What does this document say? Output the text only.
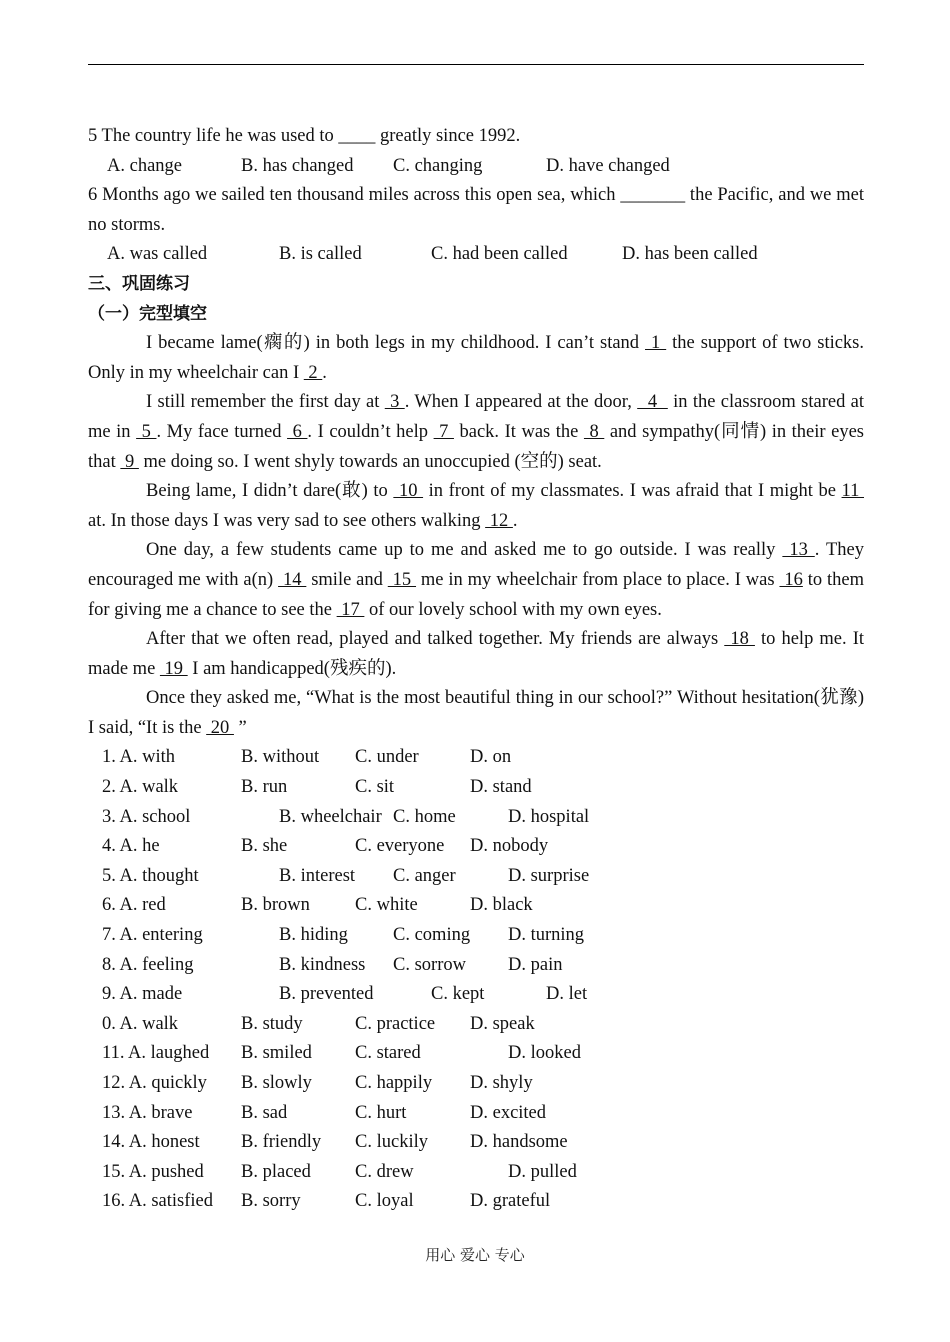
5 The country life he was used to ____ greatly since 1992.
A. change	B. has changed C. changing	D. have changed
6 Months ago we sailed ten thousand miles across this open sea, which _______ the Pacific, and we met no storms.
A. was called	B. is called	C. had been called	D. has been called
三、巩固练习
（一）完型填空
I became lame(瘸的) in both legs in my childhood. I can’t stand  1  the support of two sticks. Only in my wheelchair can I  2 .
I still remember the first day at  3 . When I appeared at the door,   4   in the classroom stared at me in  5 . My face turned  6 . I couldn’t help  7  back. It was the  8  and sympathy(同情) in their eyes that  9  me doing so. I went shyly towards an unoccupied (空的) seat.
Being lame, I didn’t dare(敢) to  10  in front of my classmates. I was afraid that I might be 11  at. In those days I was very sad to see others walking  12 .
One day, a few students came up to me and asked me to go outside. I was really  13 . They encouraged me with a(n)  14  smile and  15  me in my wheelchair from place to place. I was  16 to them for giving me a chance to see the  17  of our lovely school with my own eyes.
After that we often read, played and talked together. My friends are always  18  to help me. It made me  19  I am handicapped(残疾的).
Once they asked me, “What is the most beautiful thing in our school?” Without hesitation(犹豫) I said, “It is the  20  ”
1. A. with	B. without C. under	D. on
2. A. walk	B. run	C. sit	D. stand
3. A. school	B. wheelchair C. home	D. hospital
4. A. he	B. she	C. everyone D. nobody
5. A. thought	B. interest C. anger	D. surprise
6. A. red	B. brown C. white	D. black
7. A. entering	B. hiding C. coming D. turning
8. A. feeling	B. kindness C. sorrow D. pain
9. A. made	B. prevented	C. kept	D. let
0. A. walk	B. study	C. practice D. speak
11. A. laughed B. smiled C. stared	D. looked
12. A. quickly B. slowly C. happily D. shyly
13. A. brave	B. sad	C. hurt	D. excited
14. A. honest B. friendly C. luckily D. handsome
15. A. pushed B. placed C. drew	D. pulled
16. A. satisfied B. sorry	C. loyal	D. grateful
用心 爱心 专心
